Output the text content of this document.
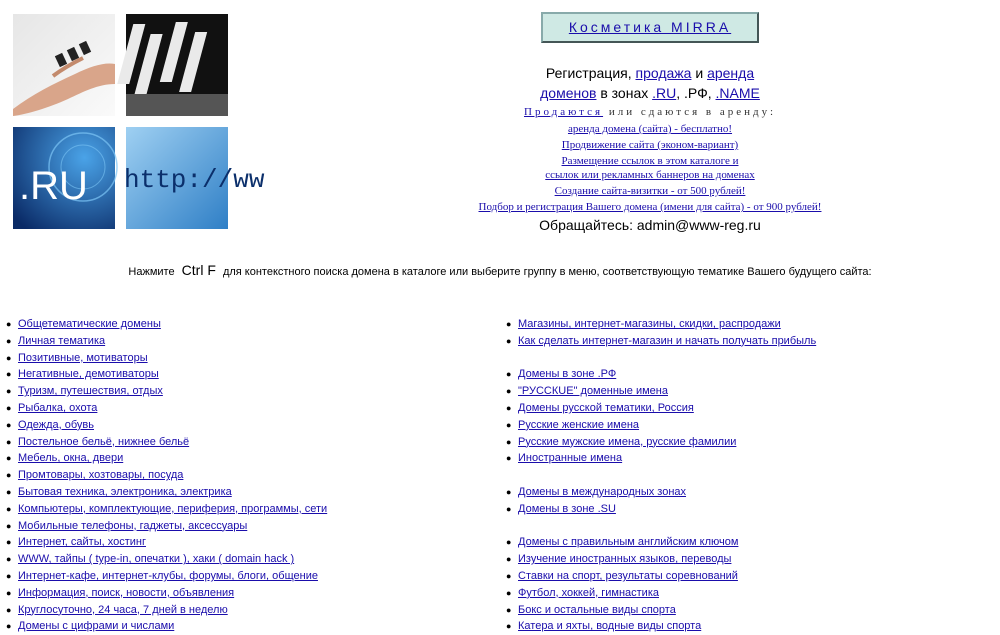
.RU http://ww
Косметика MIRRA
Регистрация, продажа и аренда
доменов в зонах .RU, .РФ, .NAME
Продаются или сдаются в аренду:
аренда домена (сайта) - бесплатно!
Продвижение сайта (эконом-вариант)
Размещение ссылок в этом каталоге и
ссылок или рекламных баннеров на доменах
Создание сайта-визитки - от 500 рублей!
Подбор и регистрация Вашего домена (имени для сайта) - от 900 рублей!
Обращайтесь: admin@www-reg.ru
Нажмите Ctrl F для контекстного поиска домена в каталоге или выберите группу в меню, соответствующую тематике Вашего будущего сайта:
● Общетематические домены
● Личная тематика
● Позитивные, мотиваторы
● Негативные, демотиваторы
● Туризм, путешествия, отдых
● Рыбалка, охота
● Одежда, обувь
● Постельное бельё, нижнее бельё
● Мебель, окна, двери
● Промтовары, хозтовары, посуда
● Бытовая техника, электроника, электрика
● Компьютеры, комплектующие, периферия, программы, сети
● Мобильные телефоны, гаджеты, аксессуары
● Интернет, сайты, хостинг
● WWW, тайпы ( type-in, опечатки ), хаки ( domain hack )
● Интернет-кафе, интернет-клубы, форумы, блоги, общение
● Информация, поиск, новости, объявления
● Круглосуточно, 24 часа, 7 дней в неделю
● Домены с цифрами и числами
● Магазины, интернет-магазины, скидки, распродажи
● Как сделать интернет-магазин и начать получать прибыль
● Домены в зоне .РФ
● "РУССКUE" доменные имена
● Домены русской тематики, Россия
● Русские женские имена
● Русские мужские имена, русские фамилии
● Иностранные имена
● Домены в международных зонах
● Домены в зоне .SU
● Домены с правильным английским ключом
● Изучение иностранных языков, переводы
● Ставки на спорт, результаты соревнований
● Футбол, хоккей, гимнастика
● Бокс и остальные виды спорта
● Катера и яхты, водные виды спорта
